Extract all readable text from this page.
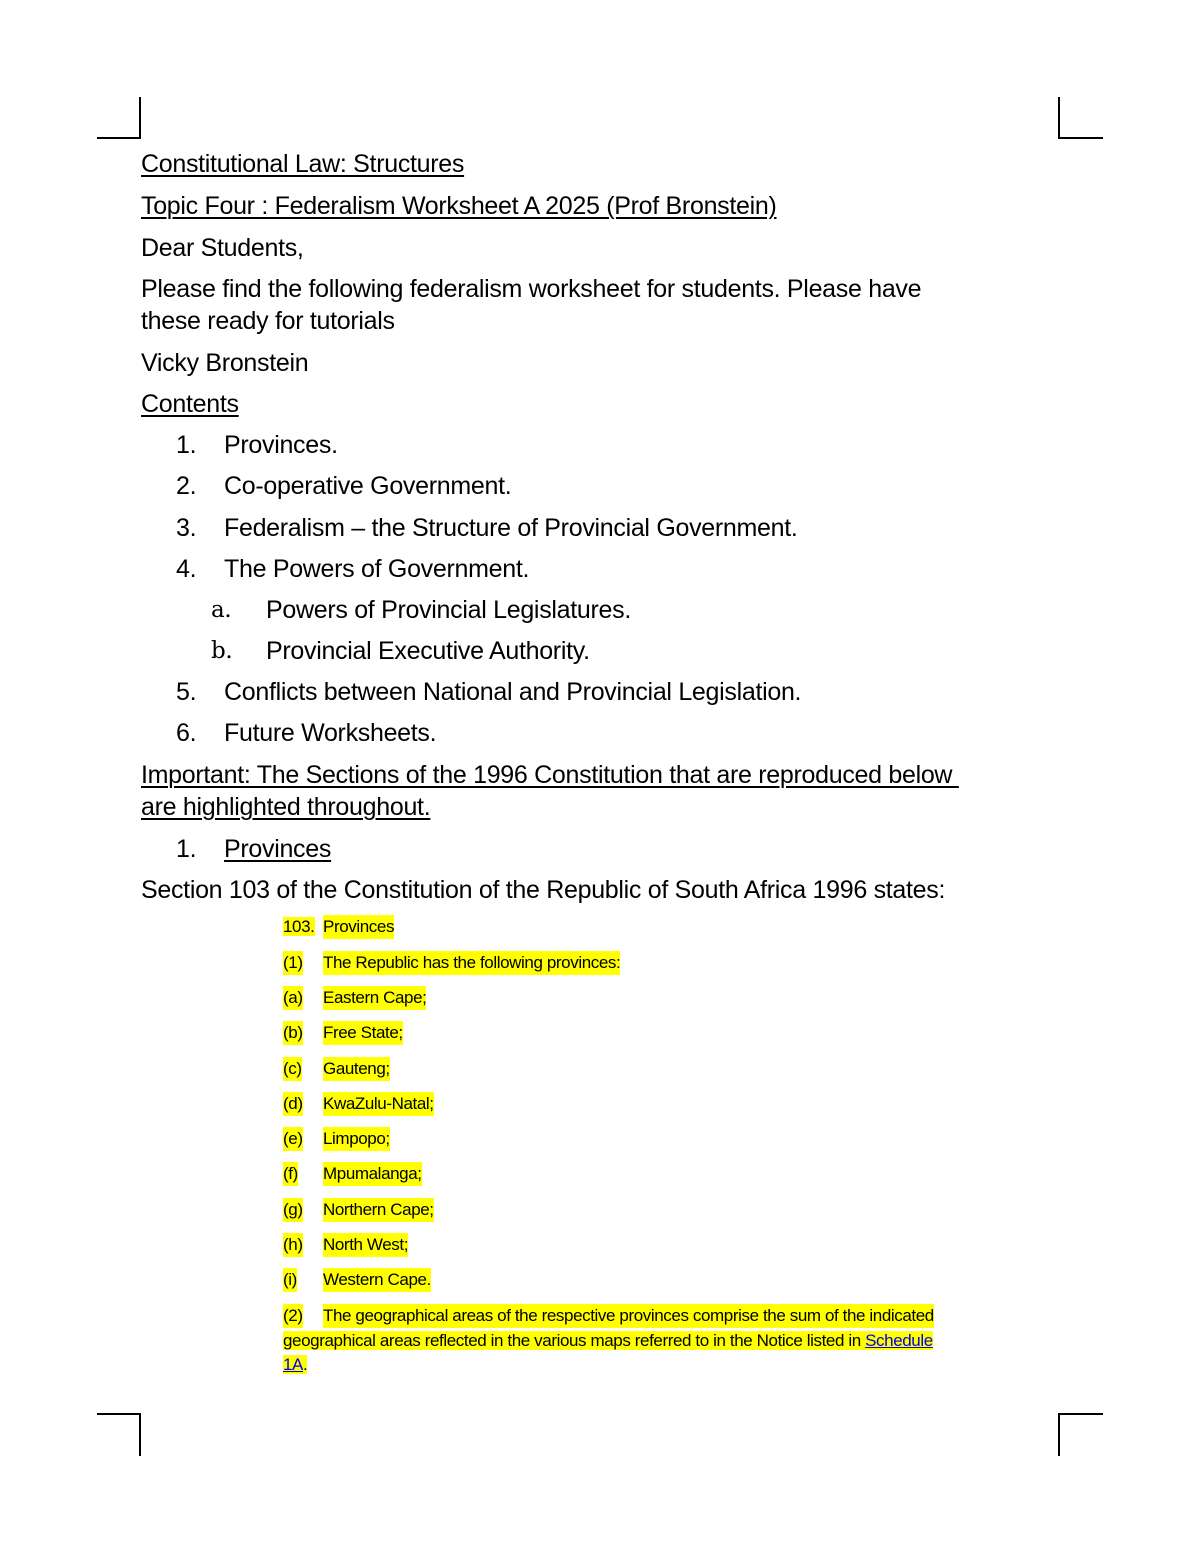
Constitutional Law: Structures
Topic Four : Federalism Worksheet A 2025 (Prof Bronstein)
Dear Students,
Please find the following federalism worksheet for students. Please have
these ready for tutorials
Vicky Bronstein
Contents
1. Provinces.
2. Co-operative Government.
3. Federalism – the Structure of Provincial Government.
4. The Powers of Government.
a. Powers of Provincial Legislatures.
b. Provincial Executive Authority.
5. Conflicts between National and Provincial Legislation.
6. Future Worksheets.
Important: The Sections of the 1996 Constitution that are reproduced below
are highlighted throughout.
1. Provinces
Section 103 of the Constitution of the Republic of South Africa 1996 states:
103. Provinces
(1) The Republic has the following provinces:
(a) Eastern Cape;
(b) Free State;
(c) Gauteng;
(d) KwaZulu-Natal;
(e) Limpopo;
(f) Mpumalanga;
(g) Northern Cape;
(h) North West;
(i) Western Cape.
(2) The geographical areas of the respective provinces comprise the sum of the indicated
geographical areas reflected in the various maps referred to in the Notice listed in Schedule
1A.
